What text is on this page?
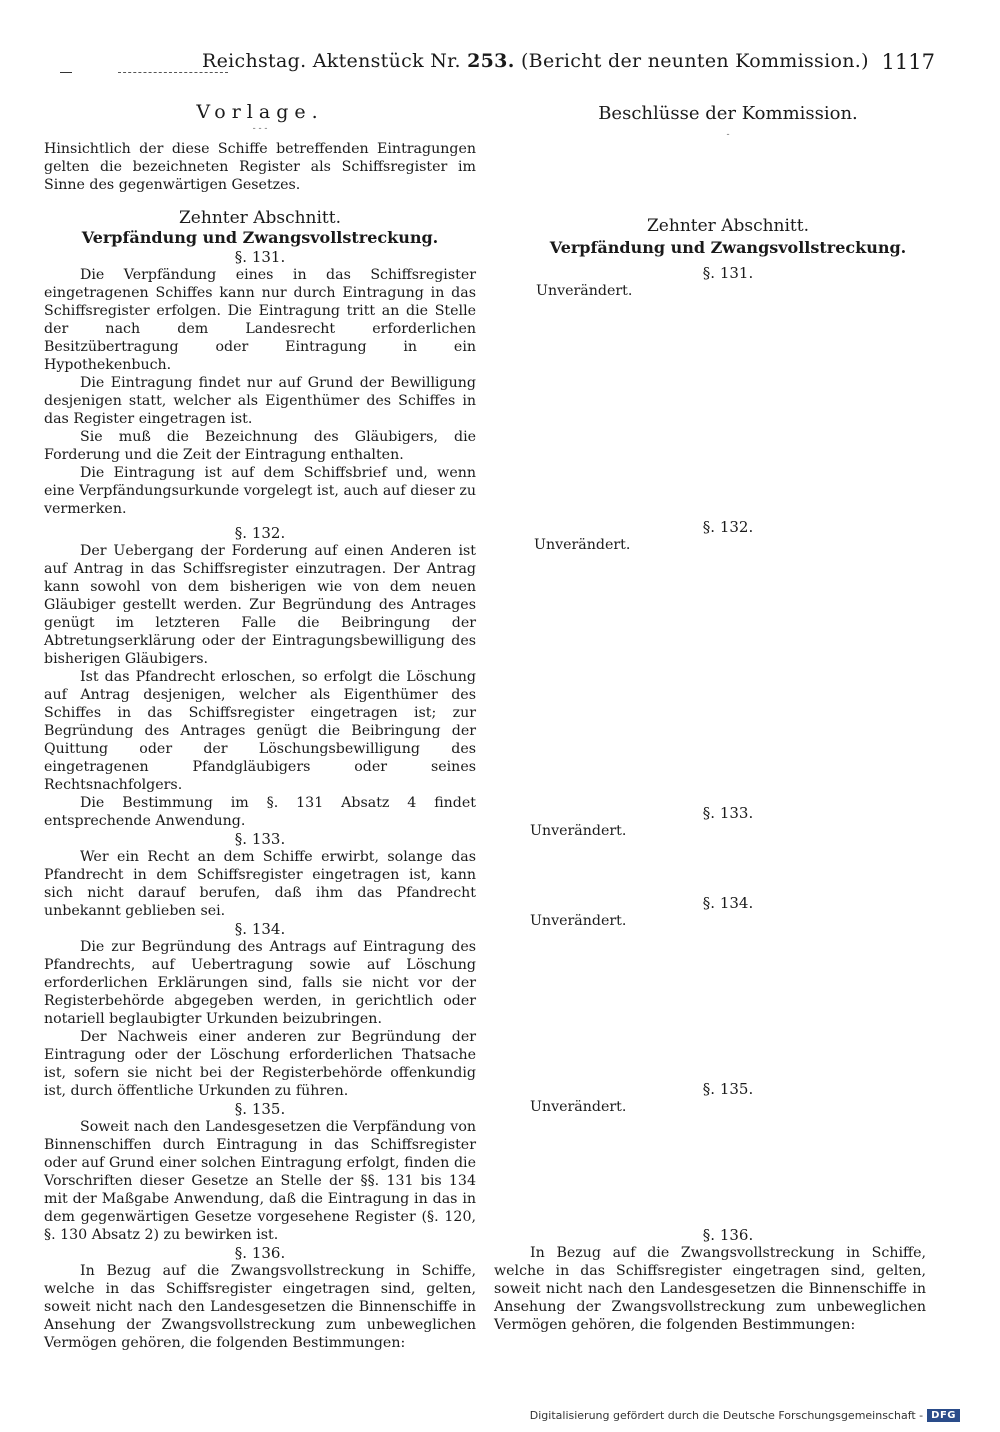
Reichstag. Aktenstück Nr. 253. (Bericht der neunten Kommission.) 1117

Vorlage.

- - -

Hinsichtlich der diese Schiffe betreffenden Eintragungen gelten die bezeichneten Register als Schiffsregister im Sinne des gegenwärtigen Gesetzes.

Zehnter Abschnitt.

Verpfändung und Zwangsvollstreckung.

§. 131.

Die Verpfändung eines in das Schiffsregister eingetragenen Schiffes kann nur durch Eintragung in das Schiffsregister erfolgen. Die Eintragung tritt an die Stelle der nach dem Landesrecht erforderlichen Besitzübertragung oder Eintragung in ein Hypothekenbuch.

Die Eintragung findet nur auf Grund der Bewilligung desjenigen statt, welcher als Eigenthümer des Schiffes in das Register eingetragen ist.

Sie muß die Bezeichnung des Gläubigers, die Forderung und die Zeit der Eintragung enthalten.

Die Eintragung ist auf dem Schiffsbrief und, wenn eine Verpfändungsurkunde vorgelegt ist, auch auf dieser zu vermerken.

§. 132.

Der Uebergang der Forderung auf einen Anderen ist auf Antrag in das Schiffsregister einzutragen. Der Antrag kann sowohl von dem bisherigen wie von dem neuen Gläubiger gestellt werden. Zur Begründung des Antrages genügt im letzteren Falle die Beibringung der Abtretungserklärung oder der Eintragungsbewilligung des bisherigen Gläubigers.

Ist das Pfandrecht erloschen, so erfolgt die Löschung auf Antrag desjenigen, welcher als Eigenthümer des Schiffes in das Schiffsregister eingetragen ist; zur Begründung des Antrages genügt die Beibringung der Quittung oder der Löschungsbewilligung des eingetragenen Pfandgläubigers oder seines Rechtsnachfolgers.

Die Bestimmung im §. 131 Absatz 4 findet entsprechende Anwendung.

§. 133.

Wer ein Recht an dem Schiffe erwirbt, solange das Pfandrecht in dem Schiffsregister eingetragen ist, kann sich nicht darauf berufen, daß ihm das Pfandrecht unbekannt geblieben sei.

§. 134.

Die zur Begründung des Antrags auf Eintragung des Pfandrechts, auf Uebertragung sowie auf Löschung erforderlichen Erklärungen sind, falls sie nicht vor der Registerbehörde abgegeben werden, in gerichtlich oder notariell beglaubigter Urkunden beizubringen.

Der Nachweis einer anderen zur Begründung der Eintragung oder der Löschung erforderlichen Thatsache ist, sofern sie nicht bei der Registerbehörde offenkundig ist, durch öffentliche Urkunden zu führen.

§. 135.

Soweit nach den Landesgesetzen die Verpfändung von Binnenschiffen durch Eintragung in das Schiffsregister oder auf Grund einer solchen Eintragung erfolgt, finden die Vorschriften dieser Gesetze an Stelle der §§. 131 bis 134 mit der Maßgabe Anwendung, daß die Eintragung in das in dem gegenwärtigen Gesetze vorgesehene Register (§. 120, §. 130 Absatz 2) zu bewirken ist.

§. 136.

In Bezug auf die Zwangsvollstreckung in Schiffe, welche in das Schiffsregister eingetragen sind, gelten, soweit nicht nach den Landesgesetzen die Binnenschiffe in Ansehung der Zwangsvollstreckung zum unbeweglichen Vermögen gehören, die folgenden Bestimmungen:

Beschlüsse der Kommission.

-

Zehnter Abschnitt.

Verpfändung und Zwangsvollstreckung.

§. 131.

Unverändert.

§. 132.

Unverändert.

§. 133.

Unverändert.

§. 134.

Unverändert.

§. 135.

Unverändert.

§. 136.

In Bezug auf die Zwangsvollstreckung in Schiffe, welche in das Schiffsregister eingetragen sind, gelten, soweit nicht nach den Landesgesetzen die Binnenschiffe in Ansehung der Zwangsvollstreckung zum unbeweglichen Vermögen gehören, die folgenden Bestimmungen:

Digitalisierung gefördert durch die Deutsche Forschungsgemeinschaft - DFG
